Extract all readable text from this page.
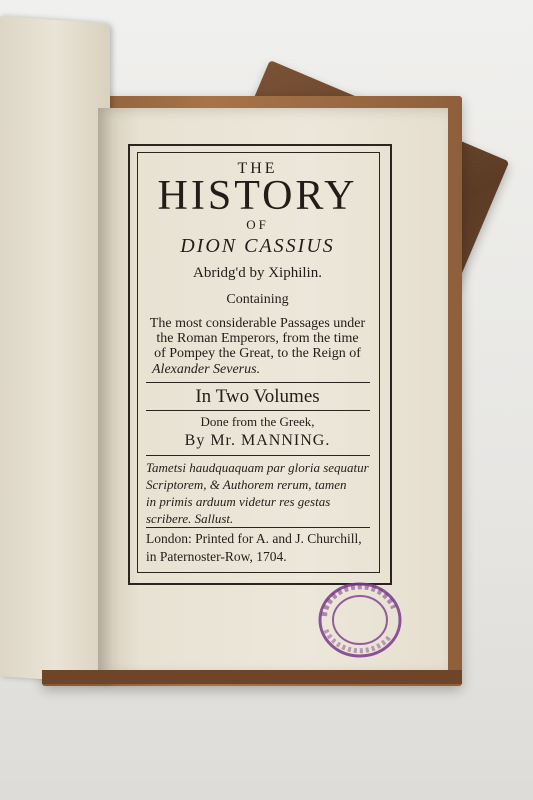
THE
HISTORY
OF
DION CASSIUS
Abridg'd by Xiphilin.
Containing
The most considerable Passages under
the Roman Emperors, from the time
of Pompey the Great, to the Reign of
Alexander Severus.
In Two Volumes
Done from the Greek,
By Mr. MANNING.
Tametsi haudquaquam par gloria sequatur
Scriptorem, & Authorem rerum, tamen
in primis arduum videtur res gestas
scribere. Sallust.
London: Printed for A. and J. Churchill,
in Paternoster-Row, 1704.
